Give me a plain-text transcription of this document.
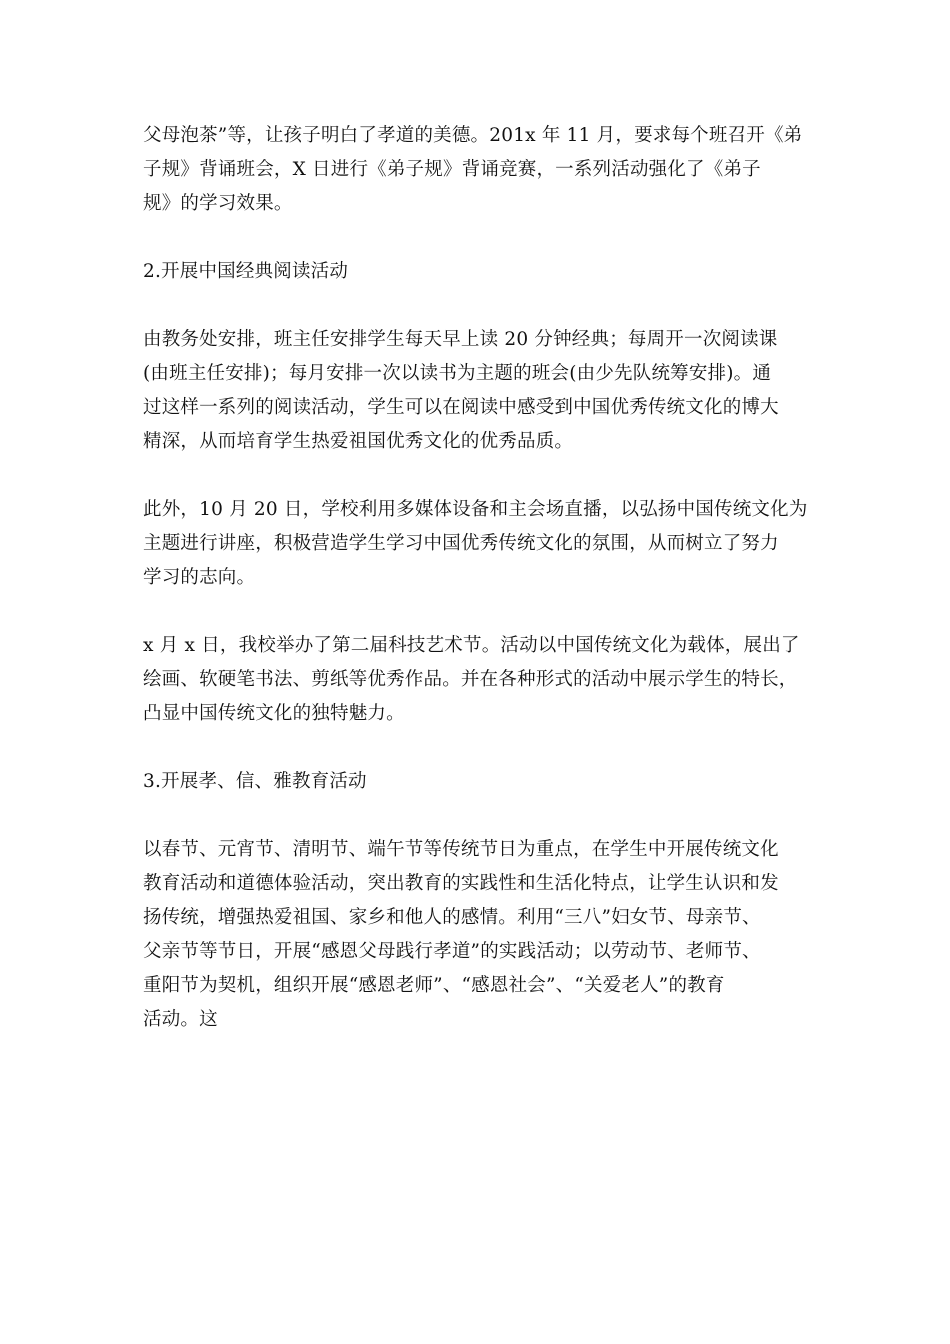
父母泡茶”等，让孩子明白了孝道的美德。201x 年 11 月，要求每个班召开《弟
子规》背诵班会，X 日进行《弟子规》背诵竞赛，一系列活动强化了《弟子
规》的学习效果。
2.开展中国经典阅读活动
由教务处安排，班主任安排学生每天早上读 20 分钟经典；每周开一次阅读课
(由班主任安排)；每月安排一次以读书为主题的班会(由少先队统筹安排)。通
过这样一系列的阅读活动，学生可以在阅读中感受到中国优秀传统文化的博大
精深，从而培育学生热爱祖国优秀文化的优秀品质。
此外，10 月 20 日，学校利用多媒体设备和主会场直播，以弘扬中国传统文化为
主题进行讲座，积极营造学生学习中国优秀传统文化的氛围，从而树立了努力
学习的志向。
x 月 x 日，我校举办了第二届科技艺术节。活动以中国传统文化为载体，展出了
绘画、软硬笔书法、剪纸等优秀作品。并在各种形式的活动中展示学生的特长，
凸显中国传统文化的独特魅力。
3.开展孝、信、雅教育活动
以春节、元宵节、清明节、端午节等传统节日为重点，在学生中开展传统文化
教育活动和道德体验活动，突出教育的实践性和生活化特点，让学生认识和发
扬传统，增强热爱祖国、家乡和他人的感情。利用“三八”妇女节、母亲节、
父亲节等节日，开展“感恩父母践行孝道”的实践活动；以劳动节、老师节、
重阳节为契机，组织开展“感恩老师”、“感恩社会”、“关爱老人”的教育
活动。这
